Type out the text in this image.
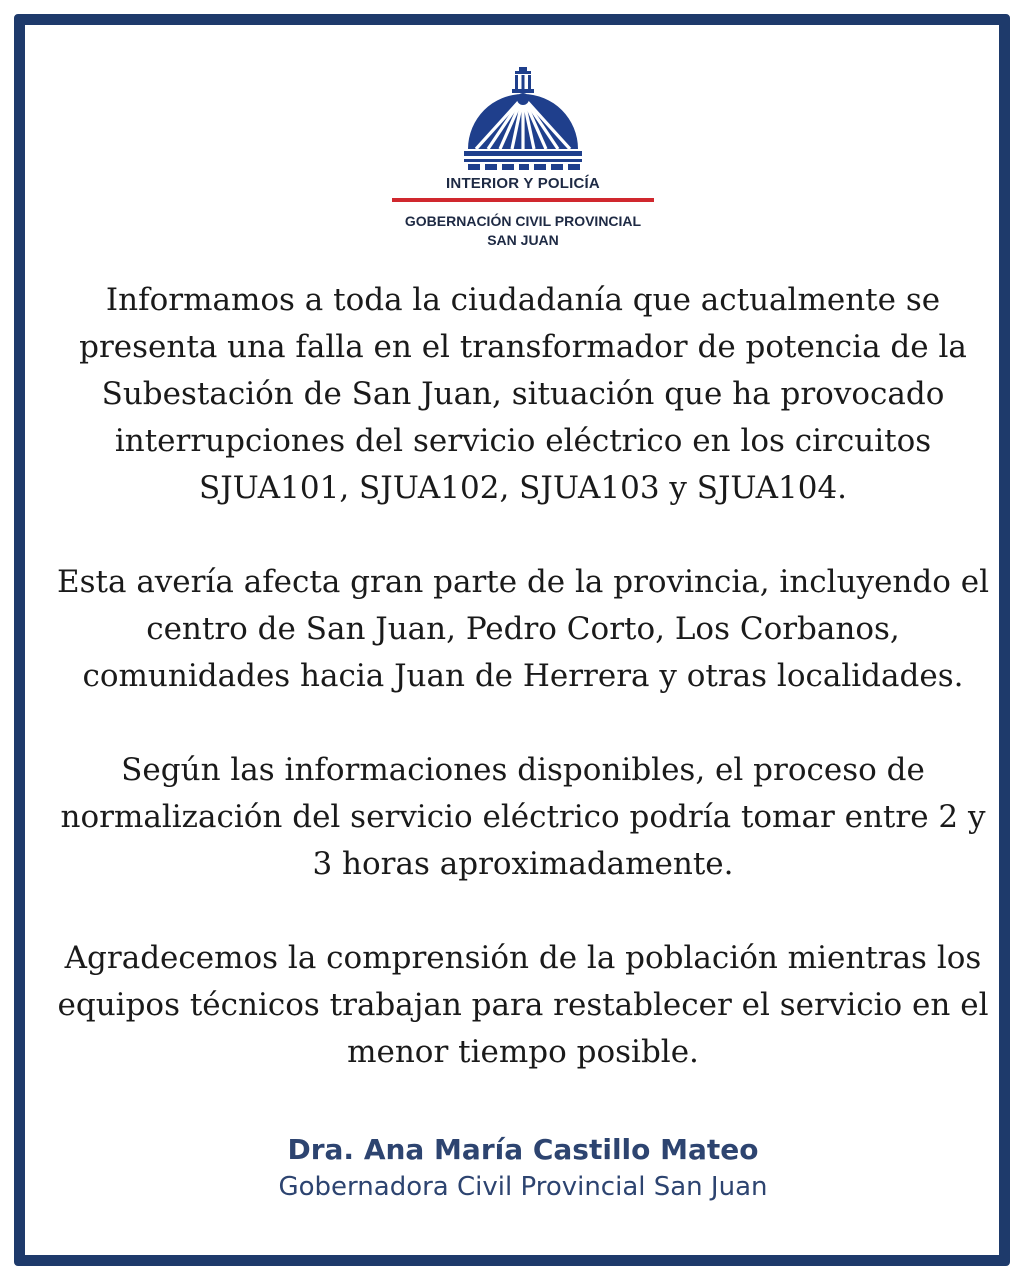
INTERIOR Y POLICÍA
GOBERNACIÓN CIVIL PROVINCIAL
SAN JUAN

Informamos a toda la ciudadanía que actualmente se presenta una falla en el transformador de potencia de la Subestación de San Juan, situación que ha provocado interrupciones del servicio eléctrico en los circuitos SJUA101, SJUA102, SJUA103 y SJUA104.

Esta avería afecta gran parte de la provincia, incluyendo el centro de San Juan, Pedro Corto, Los Corbanos, comunidades hacia Juan de Herrera y otras localidades.

Según las informaciones disponibles, el proceso de normalización del servicio eléctrico podría tomar entre 2 y 3 horas aproximadamente.

Agradecemos la comprensión de la población mientras los equipos técnicos trabajan para restablecer el servicio en el menor tiempo posible.

Dra. Ana María Castillo Mateo
Gobernadora Civil Provincial San Juan
